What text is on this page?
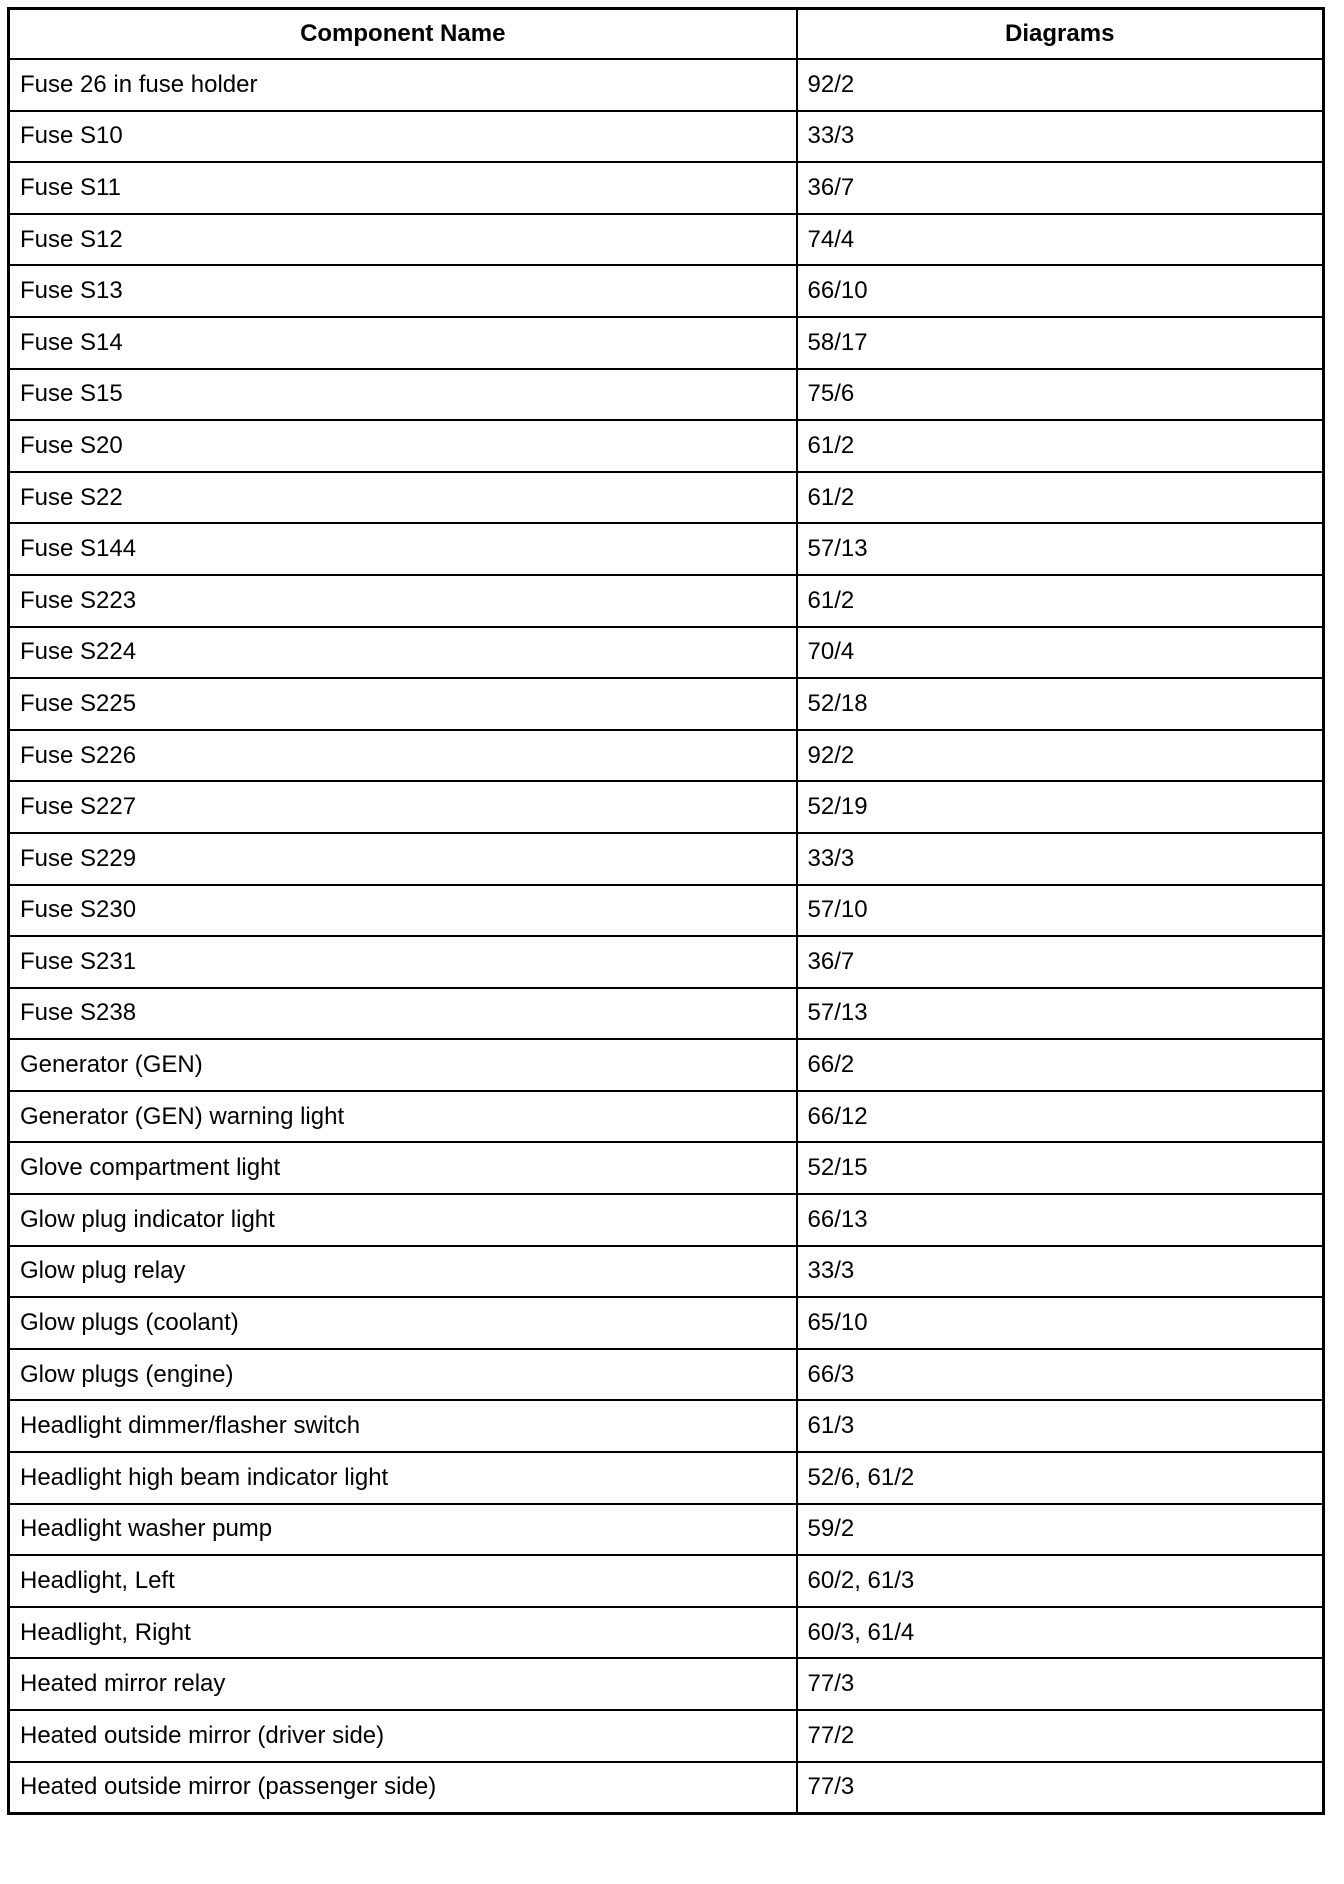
Component Name	Diagrams
Fuse 26 in fuse holder	92/2
Fuse S10	33/3
Fuse S11	36/7
Fuse S12	74/4
Fuse S13	66/10
Fuse S14	58/17
Fuse S15	75/6
Fuse S20	61/2
Fuse S22	61/2
Fuse S144	57/13
Fuse S223	61/2
Fuse S224	70/4
Fuse S225	52/18
Fuse S226	92/2
Fuse S227	52/19
Fuse S229	33/3
Fuse S230	57/10
Fuse S231	36/7
Fuse S238	57/13
Generator (GEN)	66/2
Generator (GEN) warning light	66/12
Glove compartment light	52/15
Glow plug indicator light	66/13
Glow plug relay	33/3
Glow plugs (coolant)	65/10
Glow plugs (engine)	66/3
Headlight dimmer/flasher switch	61/3
Headlight high beam indicator light	52/6, 61/2
Headlight washer pump	59/2
Headlight, Left	60/2, 61/3
Headlight, Right	60/3, 61/4
Heated mirror relay	77/3
Heated outside mirror (driver side)	77/2
Heated outside mirror (passenger side)	77/3
